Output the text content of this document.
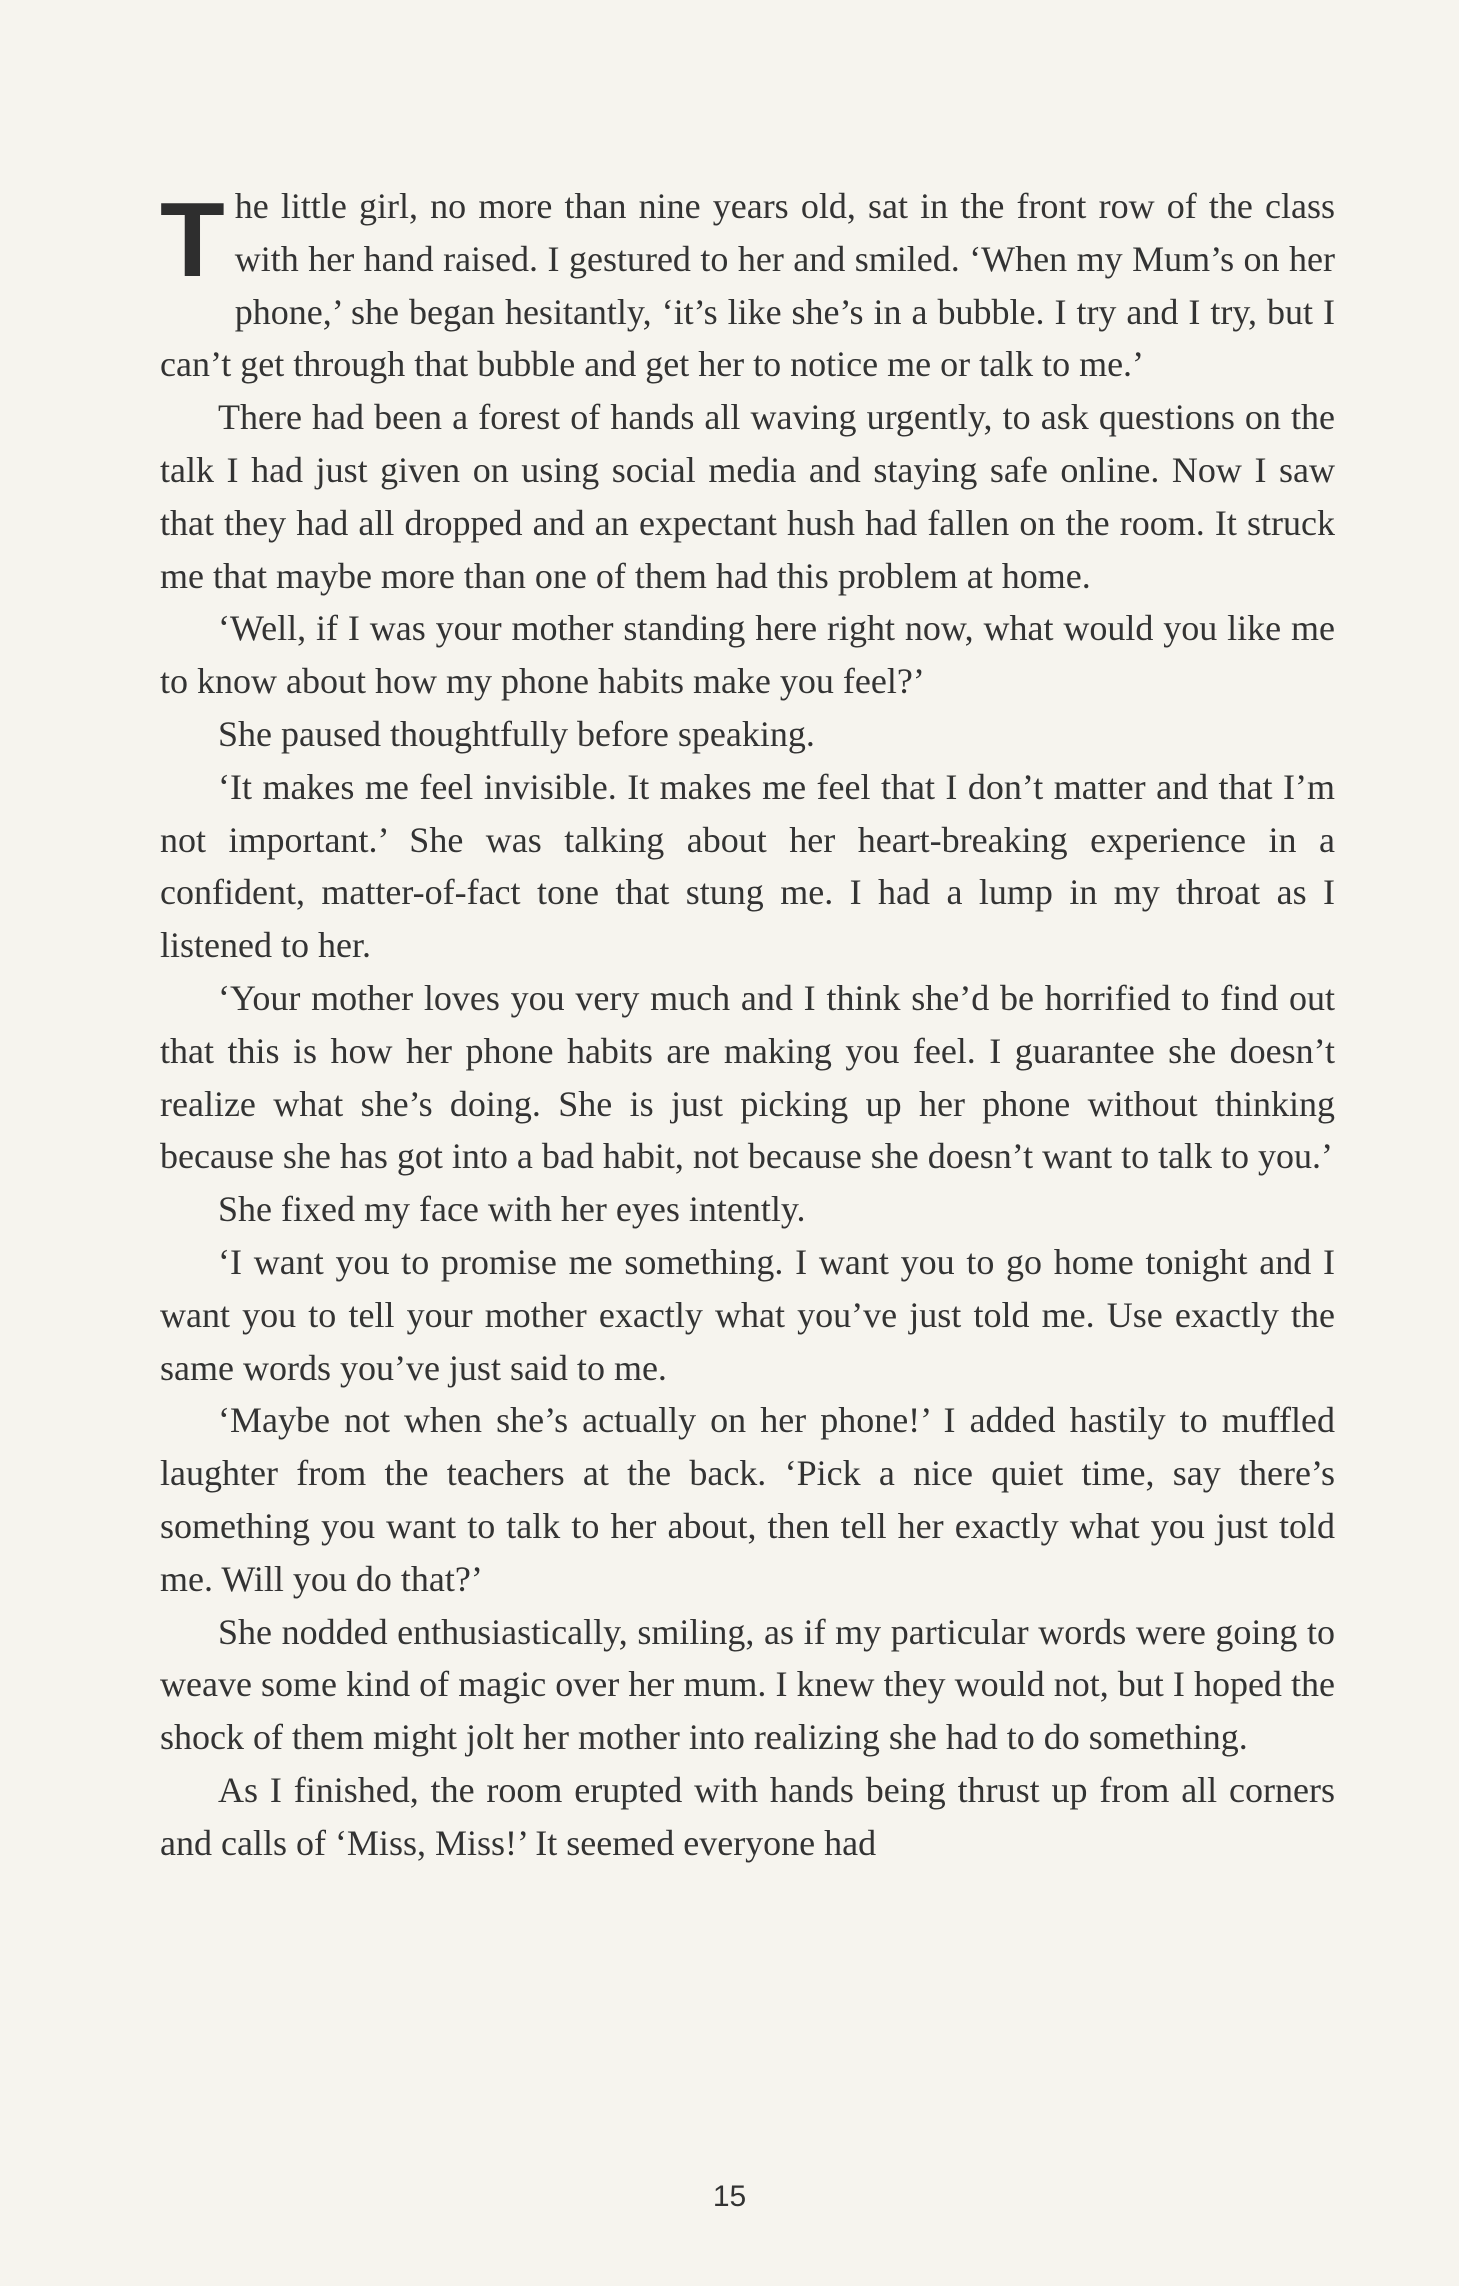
The little girl, no more than nine years old, sat in the front row of the class with her hand raised. I gestured to her and smiled. ‘When my Mum’s on her phone,’ she began hesitantly, ‘it’s like she’s in a bubble. I try and I try, but I can’t get through that bubble and get her to notice me or talk to me.’

There had been a forest of hands all waving urgently, to ask questions on the talk I had just given on using social media and staying safe online. Now I saw that they had all dropped and an expectant hush had fallen on the room. It struck me that maybe more than one of them had this problem at home.

‘Well, if I was your mother standing here right now, what would you like me to know about how my phone habits make you feel?’

She paused thoughtfully before speaking.

‘It makes me feel invisible. It makes me feel that I don’t matter and that I’m not important.’ She was talking about her heart-breaking experience in a confident, matter-of-fact tone that stung me. I had a lump in my throat as I listened to her.

‘Your mother loves you very much and I think she’d be horrified to find out that this is how her phone habits are making you feel. I guarantee she doesn’t realize what she’s doing. She is just picking up her phone without thinking because she has got into a bad habit, not because she doesn’t want to talk to you.’

She fixed my face with her eyes intently.

‘I want you to promise me something. I want you to go home tonight and I want you to tell your mother exactly what you’ve just told me. Use exactly the same words you’ve just said to me.

‘Maybe not when she’s actually on her phone!’ I added hastily to muffled laughter from the teachers at the back. ‘Pick a nice quiet time, say there’s something you want to talk to her about, then tell her exactly what you just told me. Will you do that?’

She nodded enthusiastically, smiling, as if my particular words were going to weave some kind of magic over her mum. I knew they would not, but I hoped the shock of them might jolt her mother into realizing she had to do something.

As I finished, the room erupted with hands being thrust up from all corners and calls of ‘Miss, Miss!’ It seemed everyone had

15
